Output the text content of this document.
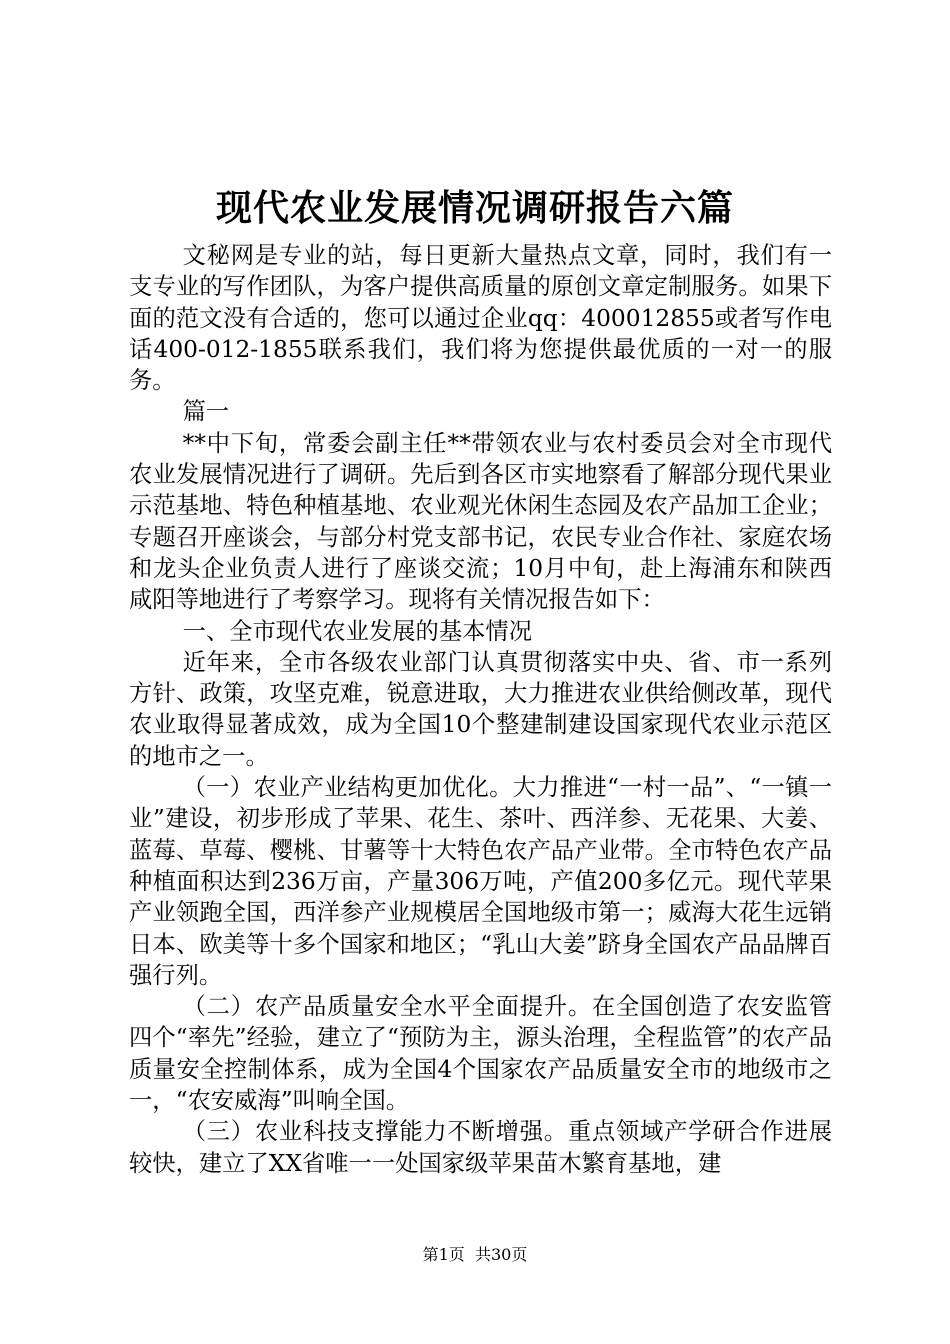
现代农业发展情况调研报告六篇

文秘网是专业的站，每日更新大量热点文章，同时，我们有一支专业的写作团队，为客户提供高质量的原创文章定制服务。如果下面的范文没有合适的，您可以通过企业qq：400012855或者写作电话400-012-1855联系我们，我们将为您提供最优质的一对一的服务。

篇一

**中下旬，常委会副主任**带领农业与农村委员会对全市现代农业发展情况进行了调研。先后到各区市实地察看了解部分现代果业示范基地、特色种植基地、农业观光休闲生态园及农产品加工企业；专题召开座谈会，与部分村党支部书记，农民专业合作社、家庭农场和龙头企业负责人进行了座谈交流；10月中旬，赴上海浦东和陕西咸阳等地进行了考察学习。现将有关情况报告如下：

一、全市现代农业发展的基本情况

近年来，全市各级农业部门认真贯彻落实中央、省、市一系列方针、政策，攻坚克难，锐意进取，大力推进农业供给侧改革，现代农业取得显著成效，成为全国10个整建制建设国家现代农业示范区的地市之一。

（一）农业产业结构更加优化。大力推进“一村一品”、“一镇一业”建设，初步形成了苹果、花生、茶叶、西洋参、无花果、大姜、蓝莓、草莓、樱桃、甘薯等十大特色农产品产业带。全市特色农产品种植面积达到236万亩，产量306万吨，产值200多亿元。现代苹果产业领跑全国，西洋参产业规模居全国地级市第一；威海大花生远销日本、欧美等十多个国家和地区；“乳山大姜”跻身全国农产品品牌百强行列。

（二）农产品质量安全水平全面提升。在全国创造了农安监管四个“率先”经验，建立了“预防为主，源头治理，全程监管”的农产品质量安全控制体系，成为全国4个国家农产品质量安全市的地级市之一，“农安威海”叫响全国。

（三）农业科技支撑能力不断增强。重点领域产学研合作进展较快，建立了XX省唯一一处国家级苹果苗木繁育基地，建

第1页 共30页
